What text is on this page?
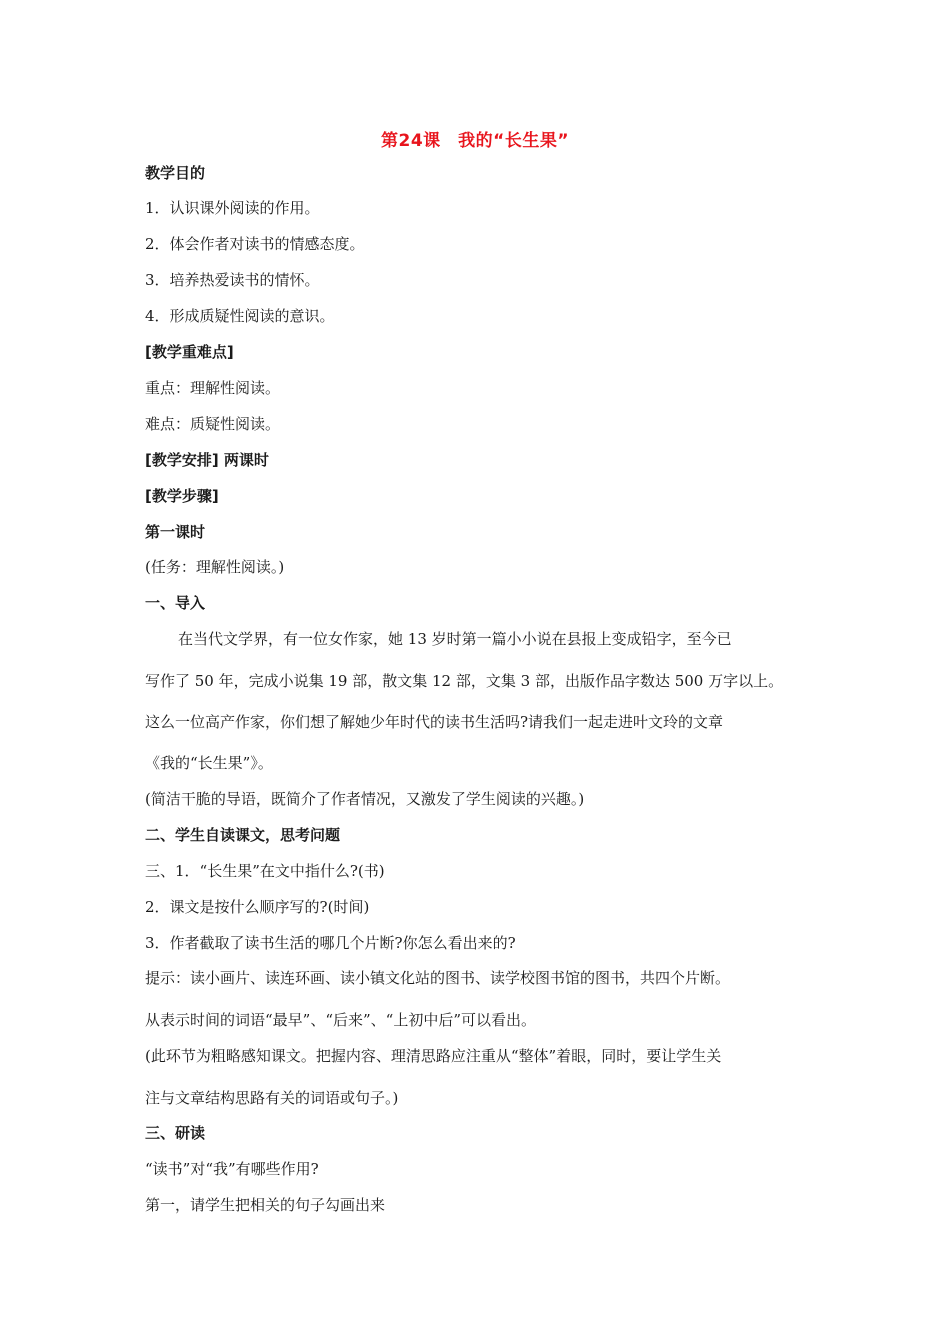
第24课　我的“长生果”
教学目的
1．认识课外阅读的作用。
2．体会作者对读书的情感态度。
3．培养热爱读书的情怀。
4．形成质疑性阅读的意识。
[教学重难点]
重点：理解性阅读。
难点：质疑性阅读。
[教学安排] 两课时
[教学步骤]
第一课时
(任务：理解性阅读。)
一、导入
在当代文学界，有一位女作家，她 13 岁时第一篇小小说在县报上变成铅字，至今已
写作了 50 年，完成小说集 19 部，散文集 12 部，文集 3 部，出版作品字数达 500 万字以上。
这么一位高产作家，你们想了解她少年时代的读书生活吗?请我们一起走进叶文玲的文章
《我的“长生果”》。
(简洁干脆的导语，既简介了作者情况，又激发了学生阅读的兴趣。)
二、学生自读课文，思考问题
三、1．“长生果”在文中指什么?(书)
2．课文是按什么顺序写的?(时间)
3．作者截取了读书生活的哪几个片断?你怎么看出来的?
提示：读小画片、读连环画、读小镇文化站的图书、读学校图书馆的图书，共四个片断。
从表示时间的词语“最早”、“后来”、“上初中后”可以看出。
(此环节为粗略感知课文。把握内容、理清思路应注重从“整体”着眼，同时，要让学生关
注与文章结构思路有关的词语或句子。)
三、研读
“读书”对“我”有哪些作用?
第一，请学生把相关的句子勾画出来
